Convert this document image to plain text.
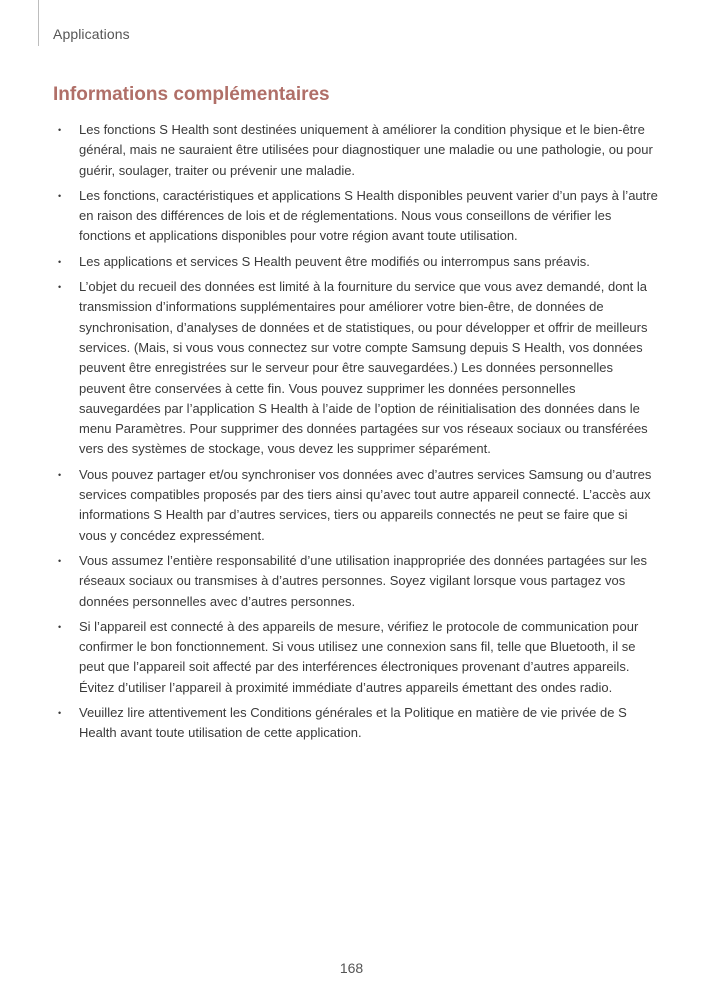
Applications
Informations complémentaires
• Les fonctions S Health sont destinées uniquement à améliorer la condition physique et le bien-être général, mais ne sauraient être utilisées pour diagnostiquer une maladie ou une pathologie, ou pour guérir, soulager, traiter ou prévenir une maladie.
• Les fonctions, caractéristiques et applications S Health disponibles peuvent varier d’un pays à l’autre en raison des différences de lois et de réglementations. Nous vous conseillons de vérifier les fonctions et applications disponibles pour votre région avant toute utilisation.
• Les applications et services S Health peuvent être modifiés ou interrompus sans préavis.
• L’objet du recueil des données est limité à la fourniture du service que vous avez demandé, dont la transmission d’informations supplémentaires pour améliorer votre bien-être, de données de synchronisation, d’analyses de données et de statistiques, ou pour développer et offrir de meilleurs services. (Mais, si vous vous connectez sur votre compte Samsung depuis S Health, vos données peuvent être enregistrées sur le serveur pour être sauvegardées.) Les données personnelles peuvent être conservées à cette fin. Vous pouvez supprimer les données personnelles sauvegardées par l’application S Health à l’aide de l’option de réinitialisation des données dans le menu Paramètres. Pour supprimer des données partagées sur vos réseaux sociaux ou transférées vers des systèmes de stockage, vous devez les supprimer séparément.
• Vous pouvez partager et/ou synchroniser vos données avec d’autres services Samsung ou d’autres services compatibles proposés par des tiers ainsi qu’avec tout autre appareil connecté. L’accès aux informations S Health par d’autres services, tiers ou appareils connectés ne peut se faire que si vous y concédez expressément.
• Vous assumez l’entière responsabilité d’une utilisation inappropriée des données partagées sur les réseaux sociaux ou transmises à d’autres personnes. Soyez vigilant lorsque vous partagez vos données personnelles avec d’autres personnes.
• Si l’appareil est connecté à des appareils de mesure, vérifiez le protocole de communication pour confirmer le bon fonctionnement. Si vous utilisez une connexion sans fil, telle que Bluetooth, il se peut que l’appareil soit affecté par des interférences électroniques provenant d’autres appareils. Évitez d’utiliser l’appareil à proximité immédiate d’autres appareils émettant des ondes radio.
• Veuillez lire attentivement les Conditions générales et la Politique en matière de vie privée de S Health avant toute utilisation de cette application.
168
